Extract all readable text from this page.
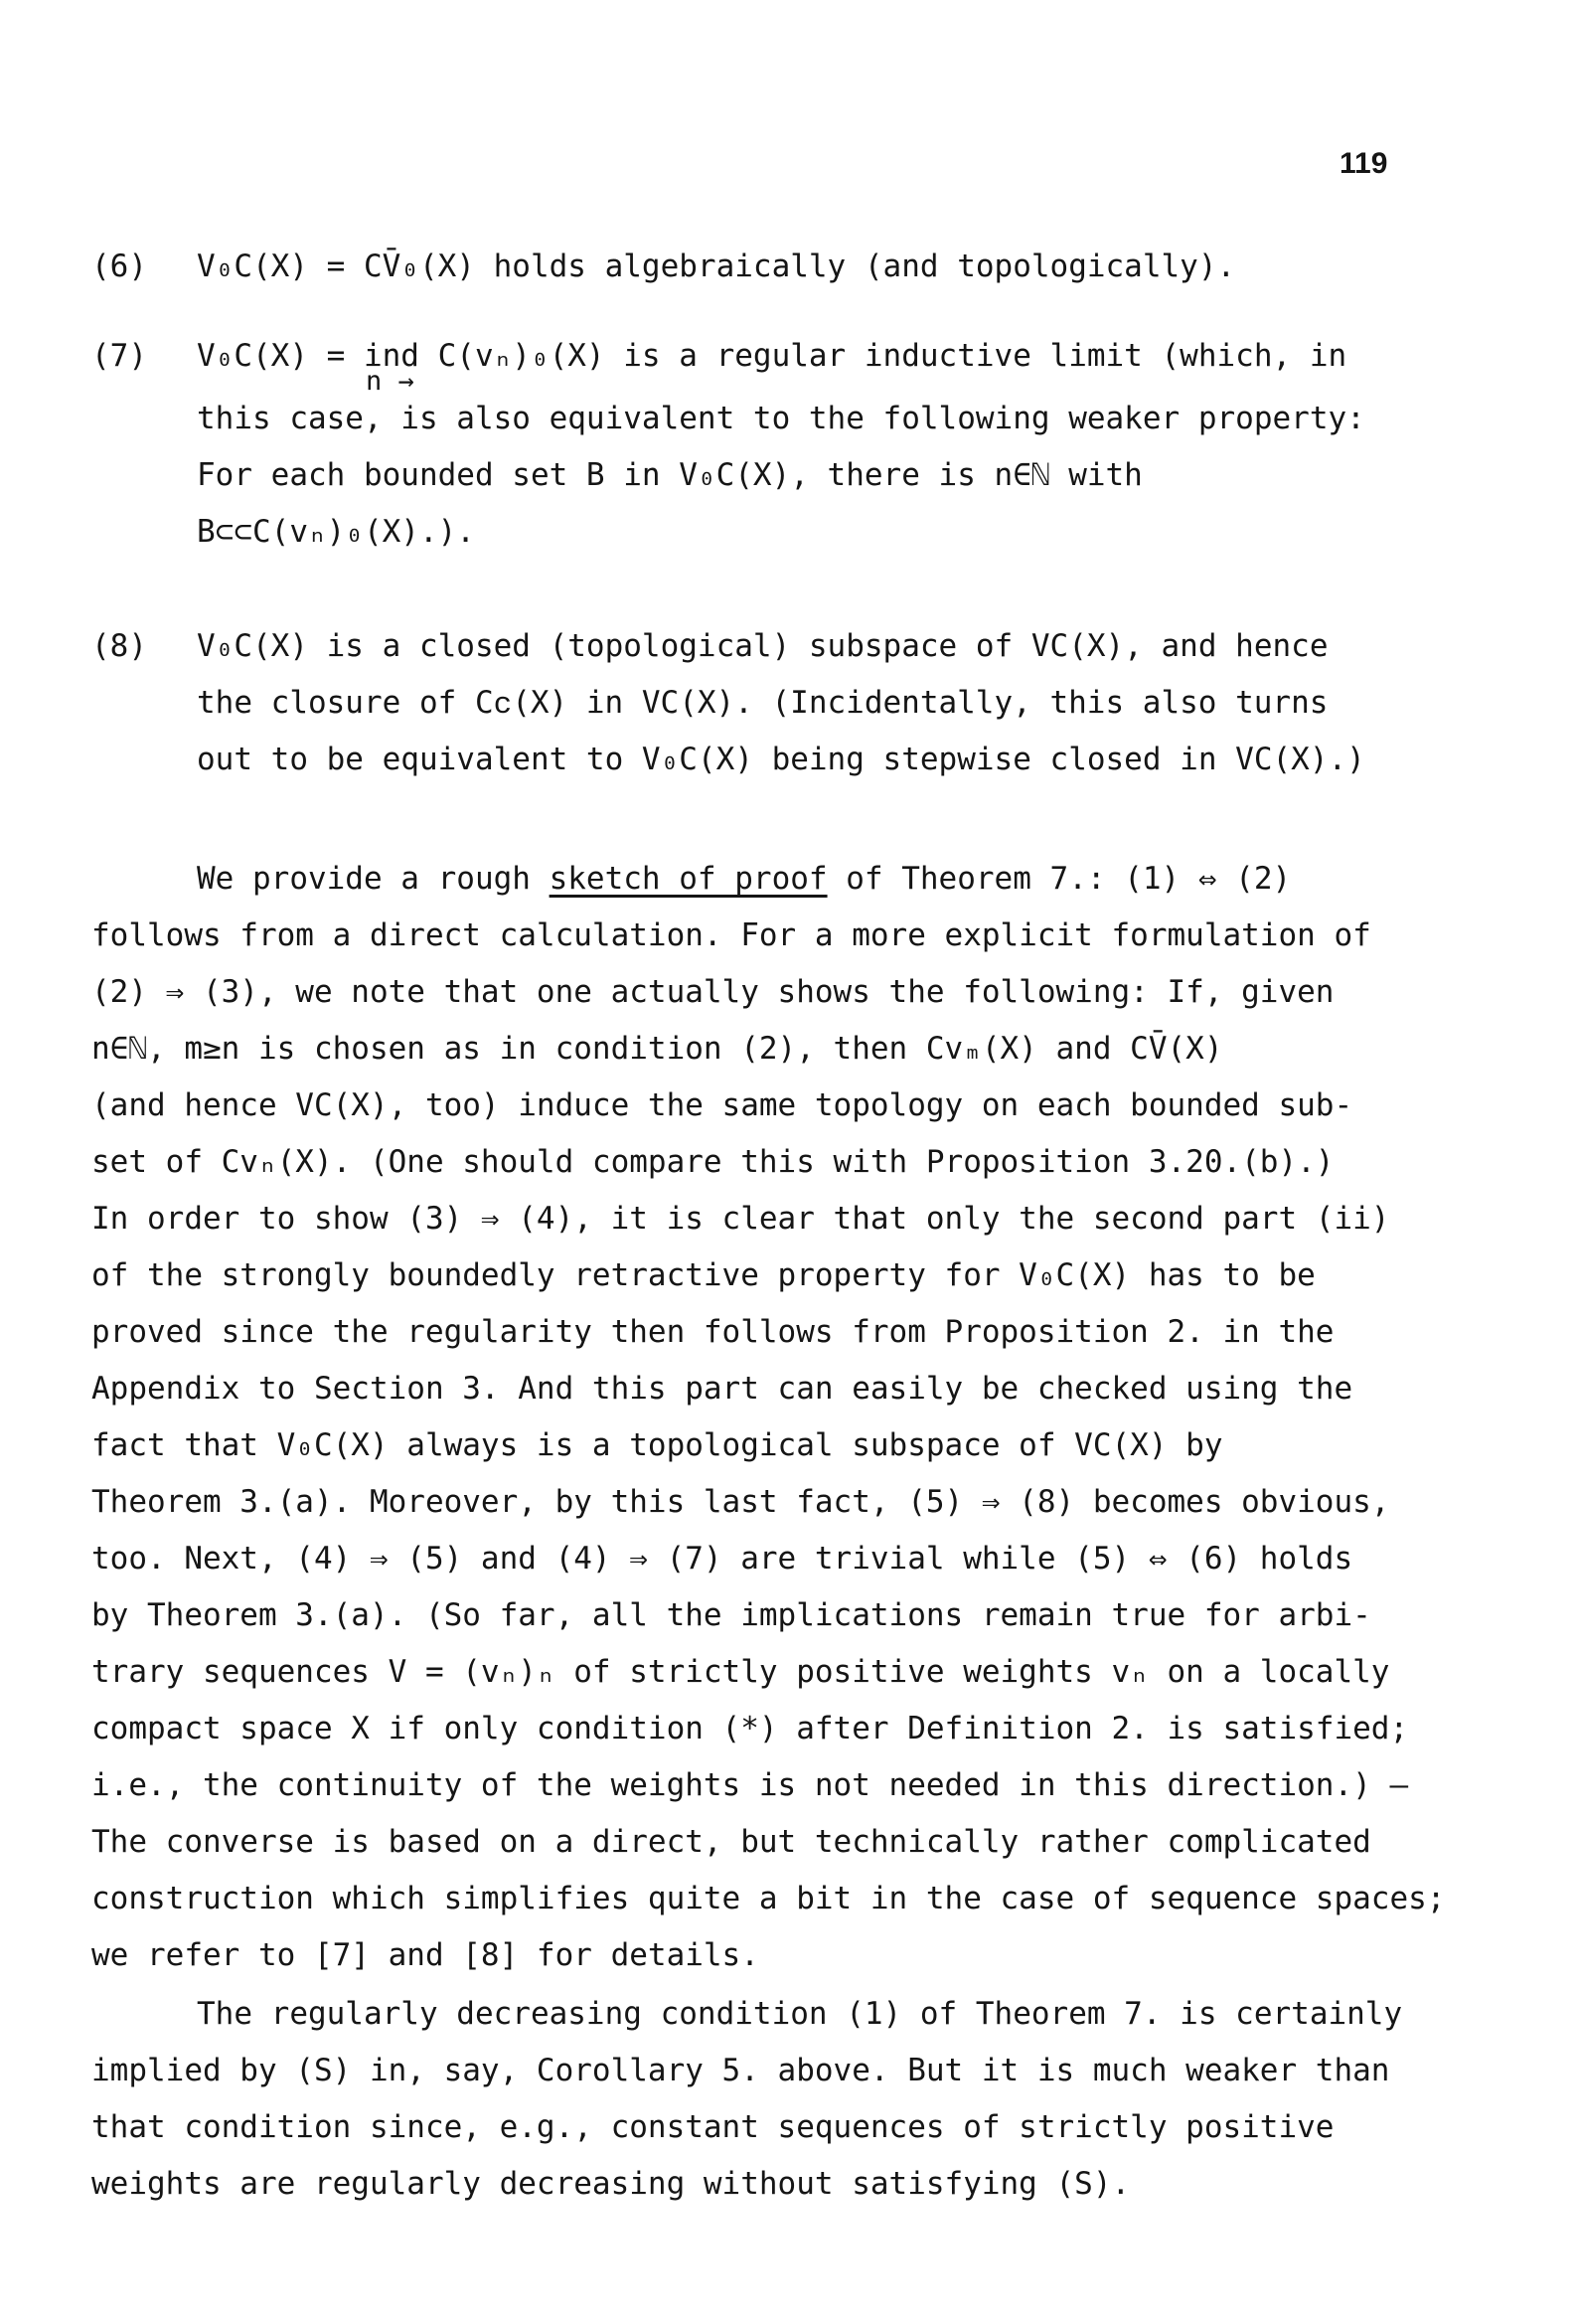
119
(6) V₀C(X) = CV̄₀(X) holds algebraically (and topologically).
(7) V₀C(X) = ind C(vₙ)₀(X) is a regular inductive limit (which, in
n →
this case, is also equivalent to the following weaker property:
For each bounded set B in V₀C(X), there is n∈ℕ with
B⊂⊂C(vₙ)₀(X).).
(8) V₀C(X) is a closed (topological) subspace of VC(X), and hence
the closure of Cᴄ(X) in VC(X). (Incidentally, this also turns
out to be equivalent to V₀C(X) being stepwise closed in VC(X).)
We provide a rough sketch of proof of Theorem 7.: (1) ⇔ (2)
follows from a direct calculation. For a more explicit formulation of
(2) ⇒ (3), we note that one actually shows the following: If, given
n∈ℕ, m≥n is chosen as in condition (2), then Cvₘ(X) and CV̄(X)
(and hence VC(X), too) induce the same topology on each bounded sub-
set of Cvₙ(X). (One should compare this with Proposition 3.20.(b).)
In order to show (3) ⇒ (4), it is clear that only the second part (ii)
of the strongly boundedly retractive property for V₀C(X) has to be
proved since the regularity then follows from Proposition 2. in the
Appendix to Section 3. And this part can easily be checked using the
fact that V₀C(X) always is a topological subspace of VC(X) by
Theorem 3.(a). Moreover, by this last fact, (5) ⇒ (8) becomes obvious,
too. Next, (4) ⇒ (5) and (4) ⇒ (7) are trivial while (5) ⇔ (6) holds
by Theorem 3.(a). (So far, all the implications remain true for arbi-
trary sequences V = (vₙ)ₙ of strictly positive weights vₙ on a locally
compact space X if only condition (*) after Definition 2. is satisfied;
i.e., the continuity of the weights is not needed in this direction.) —
The converse is based on a direct, but technically rather complicated
construction which simplifies quite a bit in the case of sequence spaces;
we refer to [7] and [8] for details.
The regularly decreasing condition (1) of Theorem 7. is certainly
implied by (S) in, say, Corollary 5. above. But it is much weaker than
that condition since, e.g., constant sequences of strictly positive
weights are regularly decreasing without satisfying (S).
